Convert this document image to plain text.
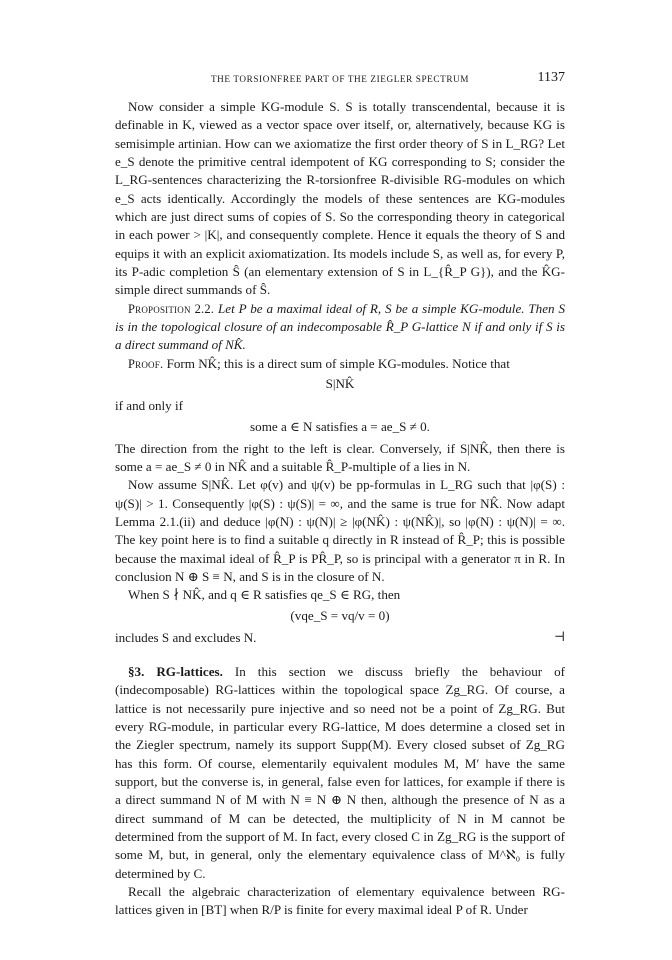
THE TORSIONFREE PART OF THE ZIEGLER SPECTRUM	1137

Now consider a simple KG-module S. S is totally transcendental, because it is definable in K, viewed as a vector space over itself, or, alternatively, because KG is semisimple artinian. How can we axiomatize the first order theory of S in L_RG? Let e_S denote the primitive central idempotent of KG corresponding to S; consider the L_RG-sentences characterizing the R-torsionfree R-divisible RG-modules on which e_S acts identically. Accordingly the models of these sentences are KG-modules which are just direct sums of copies of S. So the corresponding theory in categorical in each power > |K|, and consequently complete. Hence it equals the theory of S and equips it with an explicit axiomatization. Its models include S, as well as, for every P, its P-adic completion Ŝ (an elementary extension of S in L_{R̂_P G}), and the K̂G-simple direct summands of Ŝ.

Proposition 2.2. Let P be a maximal ideal of R, S be a simple KG-module. Then S is in the topological closure of an indecomposable R̂_P G-lattice N if and only if S is a direct summand of NK̂.

Proof. Form NK̂; this is a direct sum of simple KG-modules. Notice that

S|NK̂

if and only if

some a ∈ N satisfies a = ae_S ≠ 0.

The direction from the right to the left is clear. Conversely, if S|NK̂, then there is some a = ae_S ≠ 0 in NK̂ and a suitable R̂_P-multiple of a lies in N.

Now assume S|NK̂. Let φ(v) and ψ(v) be pp-formulas in L_RG such that |φ(S) : ψ(S)| > 1. Consequently |φ(S) : ψ(S)| = ∞, and the same is true for NK̂. Now adapt Lemma 2.1.(ii) and deduce |φ(N) : ψ(N)| ≥ |φ(NK̂) : ψ(NK̂)|, so |φ(N) : ψ(N)| = ∞. The key point here is to find a suitable q directly in R instead of R̂_P; this is possible because the maximal ideal of R̂_P is PR̂_P, so is principal with a generator π in R. In conclusion N ⊕ S ≡ N, and S is in the closure of N.

When S ∤ NK̂, and q ∈ R satisfies qe_S ∈ RG, then

(vqe_S = vq/v = 0)

includes S and excludes N.	⊣

§3. RG-lattices. In this section we discuss briefly the behaviour of (indecomposable) RG-lattices within the topological space Zg_RG. Of course, a lattice is not necessarily pure injective and so need not be a point of Zg_RG. But every RG-module, in particular every RG-lattice, M does determine a closed set in the Ziegler spectrum, namely its support Supp(M). Every closed subset of Zg_RG has this form. Of course, elementarily equivalent modules M, M′ have the same support, but the converse is, in general, false even for lattices, for example if there is a direct summand N of M with N ≡ N ⊕ N then, although the presence of N as a direct summand of M can be detected, the multiplicity of N in M cannot be determined from the support of M. In fact, every closed C in Zg_RG is the support of some M, but, in general, only the elementary equivalence class of M^ℵ₀ is fully determined by C.

Recall the algebraic characterization of elementary equivalence between RG-lattices given in [BT] when R/P is finite for every maximal ideal P of R. Under
